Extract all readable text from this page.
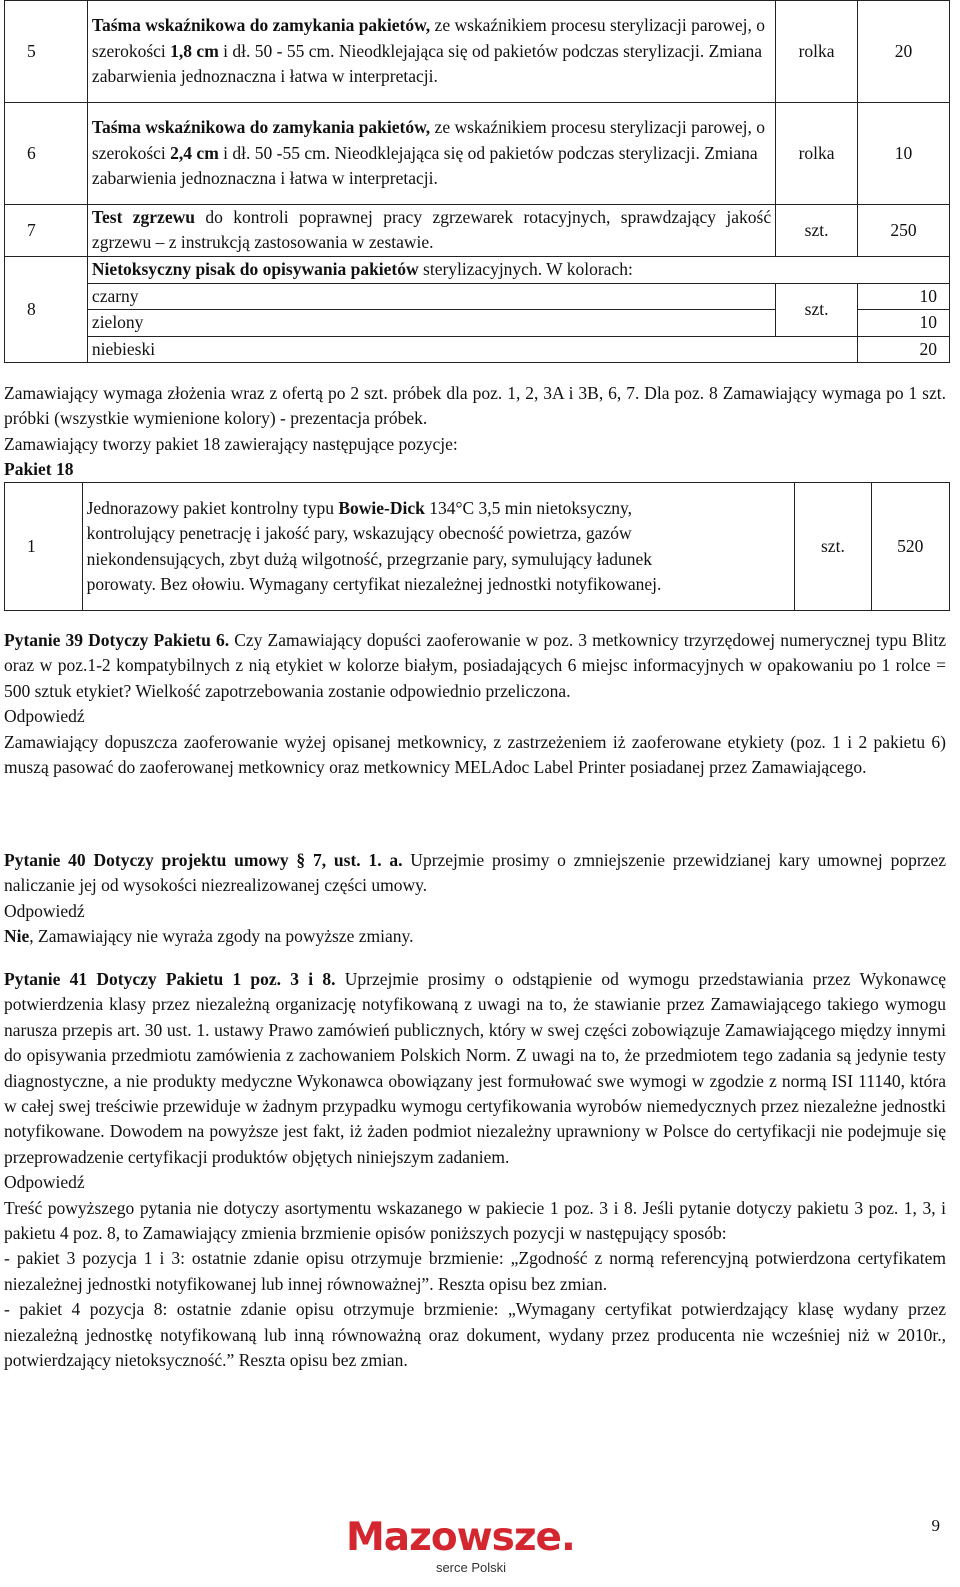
5	Taśma wskaźnikowa do zamykania pakietów, ze wskaźnikiem procesu sterylizacji parowej, o szerokości 1,8 cm i dł. 50 - 55 cm. Nieodklejająca się od pakietów podczas sterylizacji. Zmiana zabarwienia jednoznaczna i łatwa w interpretacji.	rolka	20
6	Taśma wskaźnikowa do zamykania pakietów, ze wskaźnikiem procesu sterylizacji parowej, o szerokości 2,4 cm i dł. 50 -55 cm. Nieodklejająca się od pakietów podczas sterylizacji. Zmiana zabarwienia jednoznaczna i łatwa w interpretacji.	rolka	10
7	Test zgrzewu do kontroli poprawnej pracy zgrzewarek rotacyjnych, sprawdzający jakość zgrzewu – z instrukcją zastosowania w zestawie.	szt.	250
8	Nietoksyczny pisak do opisywania pakietów sterylizacyjnych. W kolorach:		
	czarny	szt.	10
	zielony		10
	niebieski		20

Zamawiający wymaga złożenia wraz z ofertą po 2 szt. próbek dla poz. 1, 2, 3A i 3B, 6, 7. Dla poz. 8 Zamawiający wymaga po 1 szt. próbki (wszystkie wymienione kolory) - prezentacja próbek.

Zamawiający tworzy pakiet 18 zawierający następujące pozycje:

Pakiet 18

1	Jednorazowy pakiet kontrolny typu Bowie-Dick 134°C 3,5 min nietoksyczny, kontrolujący penetrację i jakość pary, wskazujący obecność powietrza, gazów niekondensujących, zbyt dużą wilgotność, przegrzanie pary, symulujący ładunek porowaty. Bez ołowiu. Wymagany certyfikat niezależnej jednostki notyfikowanej.	szt.	520

Pytanie 39 Dotyczy Pakietu 6. Czy Zamawiający dopuści zaoferowanie w poz. 3 metkownicy trzyrzędowej numerycznej typu Blitz oraz w poz.1-2 kompatybilnych z nią etykiet w kolorze białym, posiadających 6 miejsc informacyjnych w opakowaniu po 1 rolce = 500 sztuk etykiet? Wielkość zapotrzebowania zostanie odpowiednio przeliczona.

Odpowiedź

Zamawiający dopuszcza zaoferowanie wyżej opisanej metkownicy, z zastrzeżeniem iż zaoferowane etykiety (poz. 1 i 2 pakietu 6) muszą pasować do zaoferowanej metkownicy oraz metkownicy MELAdoc Label Printer posiadanej przez Zamawiającego.

Pytanie 40 Dotyczy projektu umowy § 7, ust. 1. a. Uprzejmie prosimy o zmniejszenie przewidzianej kary umownej poprzez naliczanie jej od wysokości niezrealizowanej części umowy.

Odpowiedź

Nie, Zamawiający nie wyraża zgody na powyższe zmiany.

Pytanie 41 Dotyczy Pakietu 1 poz. 3 i 8. Uprzejmie prosimy o odstąpienie od wymogu przedstawiania przez Wykonawcę potwierdzenia klasy przez niezależną organizację notyfikowaną z uwagi na to, że stawianie przez Zamawiającego takiego wymogu narusza przepis art. 30 ust. 1. ustawy Prawo zamówień publicznych, który w swej części zobowiązuje Zamawiającego między innymi do opisywania przedmiotu zamówienia z zachowaniem Polskich Norm. Z uwagi na to, że przedmiotem tego zadania są jedynie testy diagnostyczne, a nie produkty medyczne Wykonawca obowiązany jest formułować swe wymogi w zgodzie z normą ISI 11140, która w całej swej treściwie przewiduje w żadnym przypadku wymogu certyfikowania wyrobów niemedycznych przez niezależne jednostki notyfikowane. Dowodem na powyższe jest fakt, iż żaden podmiot niezależny uprawniony w Polsce do certyfikacji nie podejmuje się przeprowadzenie certyfikacji produktów objętych niniejszym zadaniem.

Odpowiedź

Treść powyższego pytania nie dotyczy asortymentu wskazanego w pakiecie 1 poz. 3 i 8. Jeśli pytanie dotyczy pakietu 3 poz. 1, 3, i pakietu 4 poz. 8, to Zamawiający zmienia brzmienie opisów poniższych pozycji w następujący sposób:

- pakiet 3 pozycja 1 i 3: ostatnie zdanie opisu otrzymuje brzmienie: „Zgodność z normą referencyjną potwierdzona certyfikatem niezależnej jednostki notyfikowanej lub innej równoważnej”. Reszta opisu bez zmian.

- pakiet 4 pozycja 8: ostatnie zdanie opisu otrzymuje brzmienie: „Wymagany certyfikat potwierdzający klasę wydany przez niezależną jednostkę notyfikowaną lub inną równoważną oraz dokument, wydany przez producenta nie wcześniej niż w 2010r., potwierdzający nietoksyczność.” Reszta opisu bez zmian.

9
Mazowsze.
serce Polski
